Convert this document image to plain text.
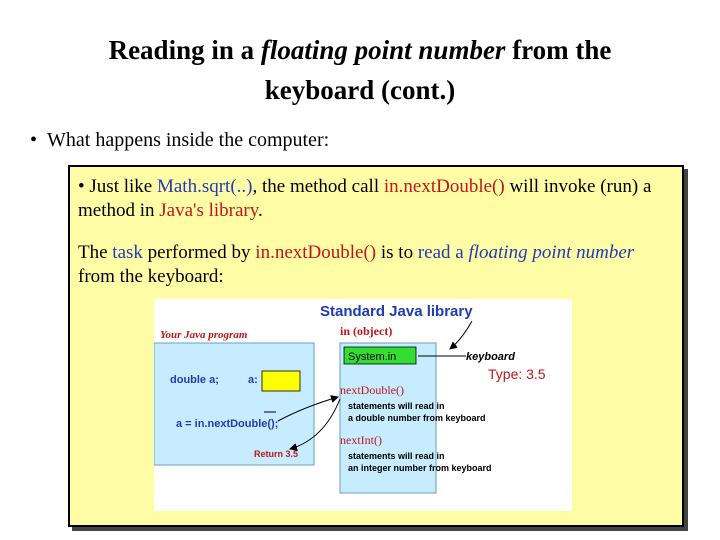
Reading in a floating point number from the
keyboard (cont.)
• What happens inside the computer:
• Just like Math.sqrt(..), the method call in.nextDouble() will invoke (run) a method in Java's library.
The task performed by in.nextDouble() is to read a floating point number from the keyboard:
Standard Java library
Your Java program	in (object)
System.in	keyboard
Type: 3.5
double a;	a:
a = in.nextDouble();
Return 3.5
nextDouble()
statements will read in
a double number from keyboard
nextInt()
statements will read in
an integer number from keyboard
